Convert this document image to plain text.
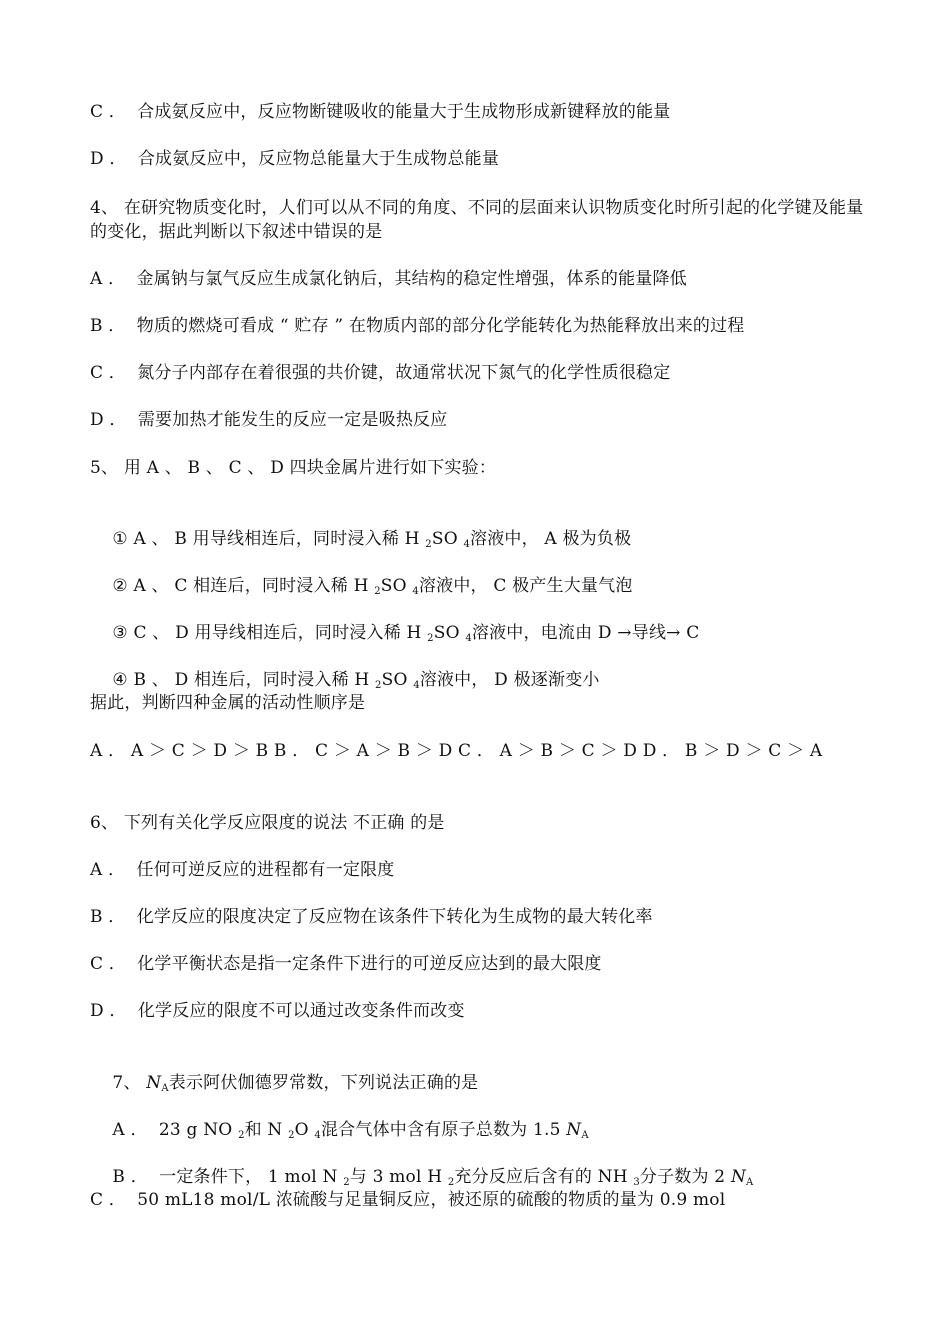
C ．  合成氨反应中，反应物断键吸收的能量大于生成物形成新键释放的能量
D ．  合成氨反应中，反应物总能量大于生成物总能量
4、 在研究物质变化时，人们可以从不同的角度、不同的层面来认识物质变化时所引起的化学键及能量的变化，据此判断以下叙述中错误的是
A ．  金属钠与氯气反应生成氯化钠后，其结构的稳定性增强，体系的能量降低
B ．  物质的燃烧可看成 “ 贮存 ” 在物质内部的部分化学能转化为热能释放出来的过程
C ．  氮分子内部存在着很强的共价键，故通常状况下氮气的化学性质很稳定
D ．  需要加热才能发生的反应一定是吸热反应
5、 用 A 、 B 、 C 、 D 四块金属片进行如下实验：

① A 、 B 用导线相连后，同时浸入稀 H $_2$SO $_4$溶液中， A 极为负极

② A 、 C 相连后，同时浸入稀 H $_2$SO $_4$溶液中， C 极产生大量气泡

③ C 、 D 用导线相连后，同时浸入稀 H $_2$SO $_4$溶液中，电流由 D →导线→ C

④ B 、 D 相连后，同时浸入稀 H $_2$SO $_4$溶液中， D 极逐渐变小

据此，判断四种金属的活动性顺序是
A ． A ＞ C ＞ D ＞ B B ． C ＞ A ＞ B ＞ D C ． A ＞ B ＞ C ＞ D D ． B ＞ D ＞ C ＞ A
6、 下列有关化学反应限度的说法 不正确 的是
A ．  任何可逆反应的进程都有一定限度
B ．  化学反应的限度决定了反应物在该条件下转化为生成物的最大转化率
C ．  化学平衡状态是指一定条件下进行的可逆反应达到的最大限度
D ．  化学反应的限度不可以通过改变条件而改变

7、 $N_A$表示阿伏伽德罗常数，下列说法正确的是

A ．  23 g NO $_2$和 N $_2$O $_4$混合气体中含有原子总数为 1.5 $N_A$

B ．  一定条件下， 1 mol N $_2$与 3 mol H $_2$充分反应后含有的 NH $_3$分子数为 2 $N_A$

C ．  50 mL18 mol/L 浓硫酸与足量铜反应，被还原的硫酸的物质的量为 0.9 mol
